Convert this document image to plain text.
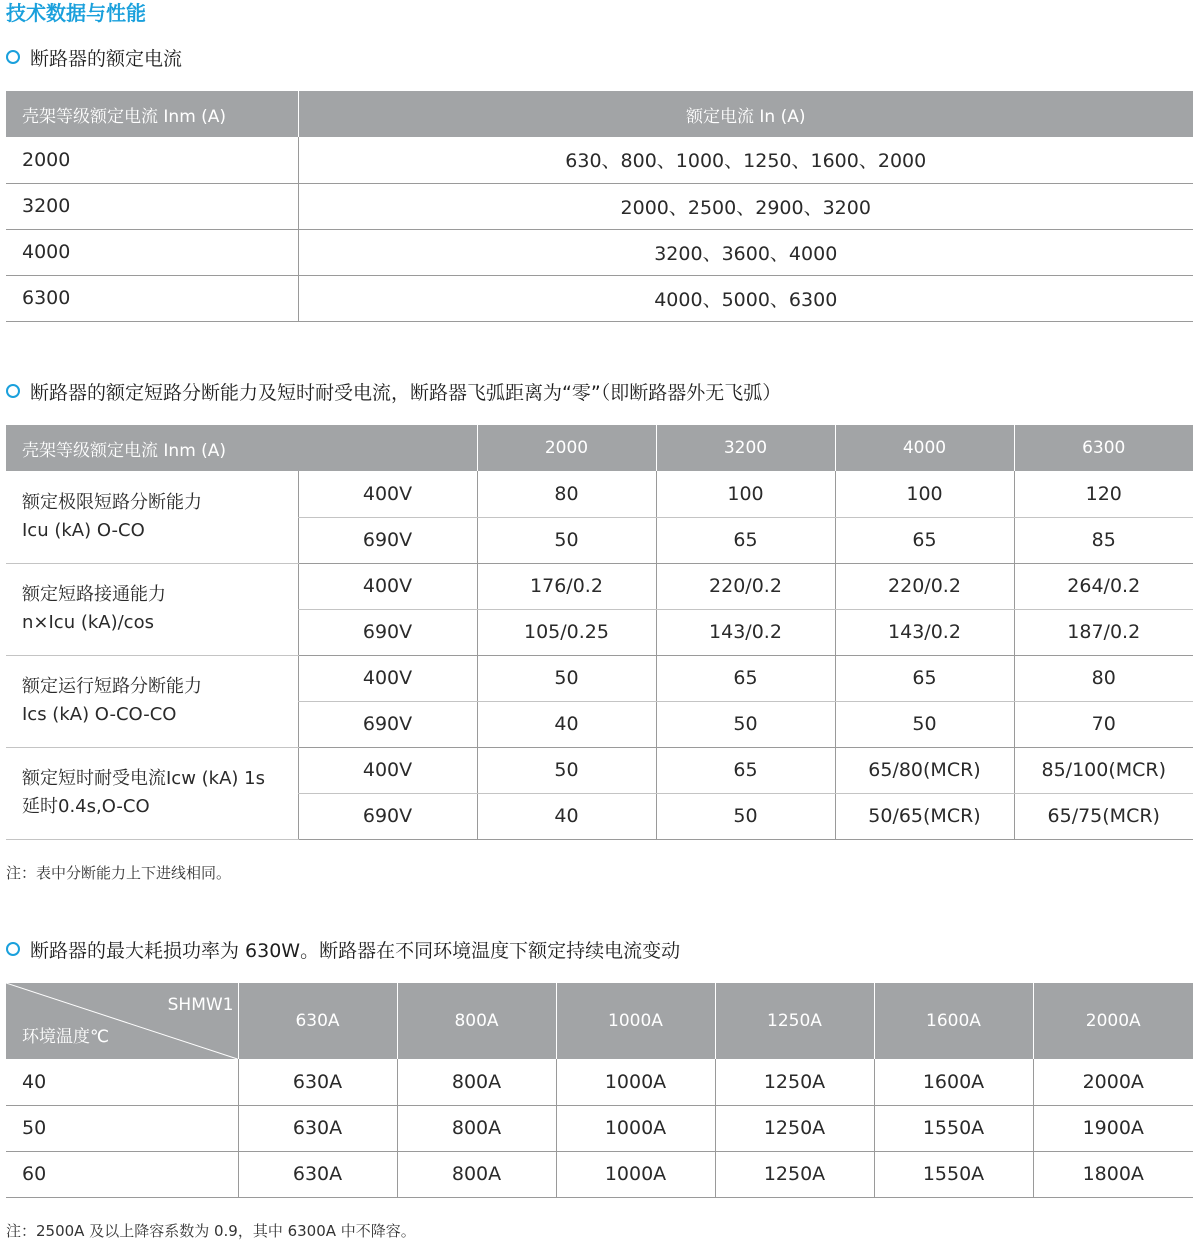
技术数据与性能
断路器的额定电流
壳架等级额定电流 Inm (A)	额定电流 In (A)
2000	630、800、1000、1250、1600、2000
3200	2000、2500、2900、3200
4000	3200、3600、4000
6300	4000、5000、6300
断路器的额定短路分断能力及短时耐受电流，断路器飞弧距离为“零”（即断路器外无飞弧）
壳架等级额定电流 Inm (A)		2000	3200	4000	6300

额定极限短路分断能力
Icu (kA) O-CO	400V	80	100	100	120
	690V	50	65	65	85

额定短路接通能力
n×Icu (kA)/cos	400V	176/0.2	220/0.2	220/0.2	264/0.2
	690V	105/0.25	143/0.2	143/0.2	187/0.2

额定运行短路分断能力
Ics (kA) O-CO-CO	400V	50	65	65	80
	690V	40	50	50	70

额定短时耐受电流Icw (kA) 1s
延时0.4s,O-CO	400V	50	65	65/80(MCR)	85/100(MCR)
	690V	40	50	50/65(MCR)	65/75(MCR)

注：表中分断能力上下进线相同。

断路器的最大耗损功率为 630W。断路器在不同环境温度下额定持续电流变动
SHMW1
环境温度℃	630A	800A	1000A	1250A	1600A	2000A
40	630A	800A	1000A	1250A	1600A	2000A
50	630A	800A	1000A	1250A	1550A	1900A
60	630A	800A	1000A	1250A	1550A	1800A

注：2500A 及以上降容系数为 0.9，其中 6300A 中不降容。
